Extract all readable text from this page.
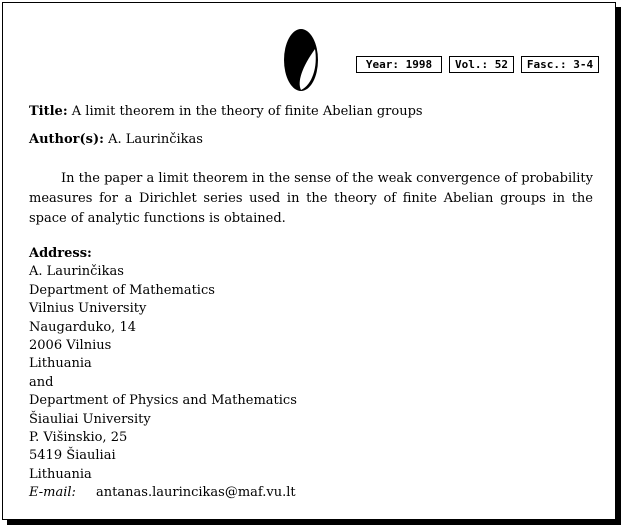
Year: 1998	Vol.: 52	Fasc.: 3-4
Title: A limit theorem in the theory of finite Abelian groups
Author(s): A. Laurinčikas
In the paper a limit theorem in the sense of the weak convergence of probability measures for a Dirichlet series used in the theory of finite Abelian groups in the space of analytic functions is obtained.
Address:
A. Laurinčikas
Department of Mathematics
Vilnius University
Naugarduko, 14
2006 Vilnius
Lithuania
and
Department of Physics and Mathematics
Šiauliai University
P. Višinskio, 25
5419 Šiauliai
Lithuania
E-mail: antanas.laurincikas@maf.vu.lt
